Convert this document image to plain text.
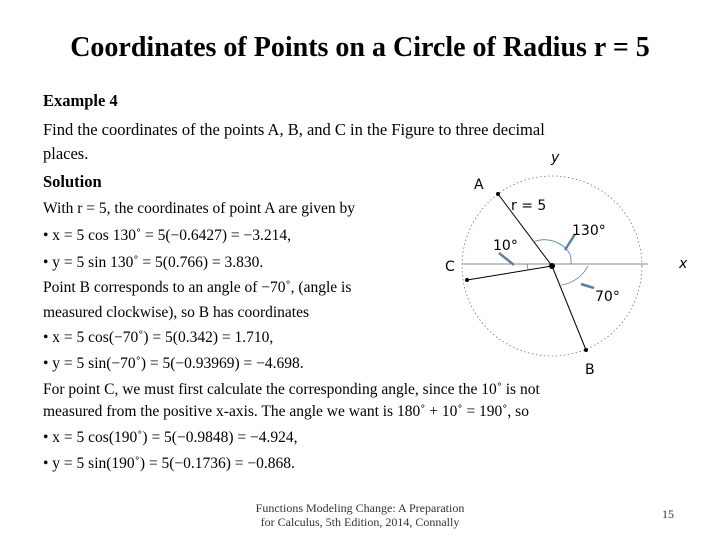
Coordinates of Points on a Circle of Radius r = 5
Example 4
Find the coordinates of the points A, B, and C in the Figure to three decimal
places.
Solution
With r = 5, the coordinates of point A are given by
• x = 5 cos 130˚ = 5(−0.6427) = −3.214,
• y = 5 sin 130˚ = 5(0.766) = 3.830.
Point B corresponds to an angle of −70˚, (angle is
measured clockwise), so B has coordinates
• x = 5 cos(−70˚) = 5(0.342) = 1.710,
• y = 5 sin(−70˚) = 5(−0.93969) = −4.698.
For point C, we must first calculate the corresponding angle, since the 10˚ is not
measured from the positive x-axis. The angle we want is 180˚ + 10˚ = 190˚, so
• x = 5 cos(190˚) = 5(−0.9848) = −4.924,
• y = 5 sin(190˚) = 5(−0.1736) = −0.868.
y
x
A
B
C
r = 5
130°
70°
10°
Functions Modeling Change: A Preparation
for Calculus, 5th Edition, 2014, Connally
15
